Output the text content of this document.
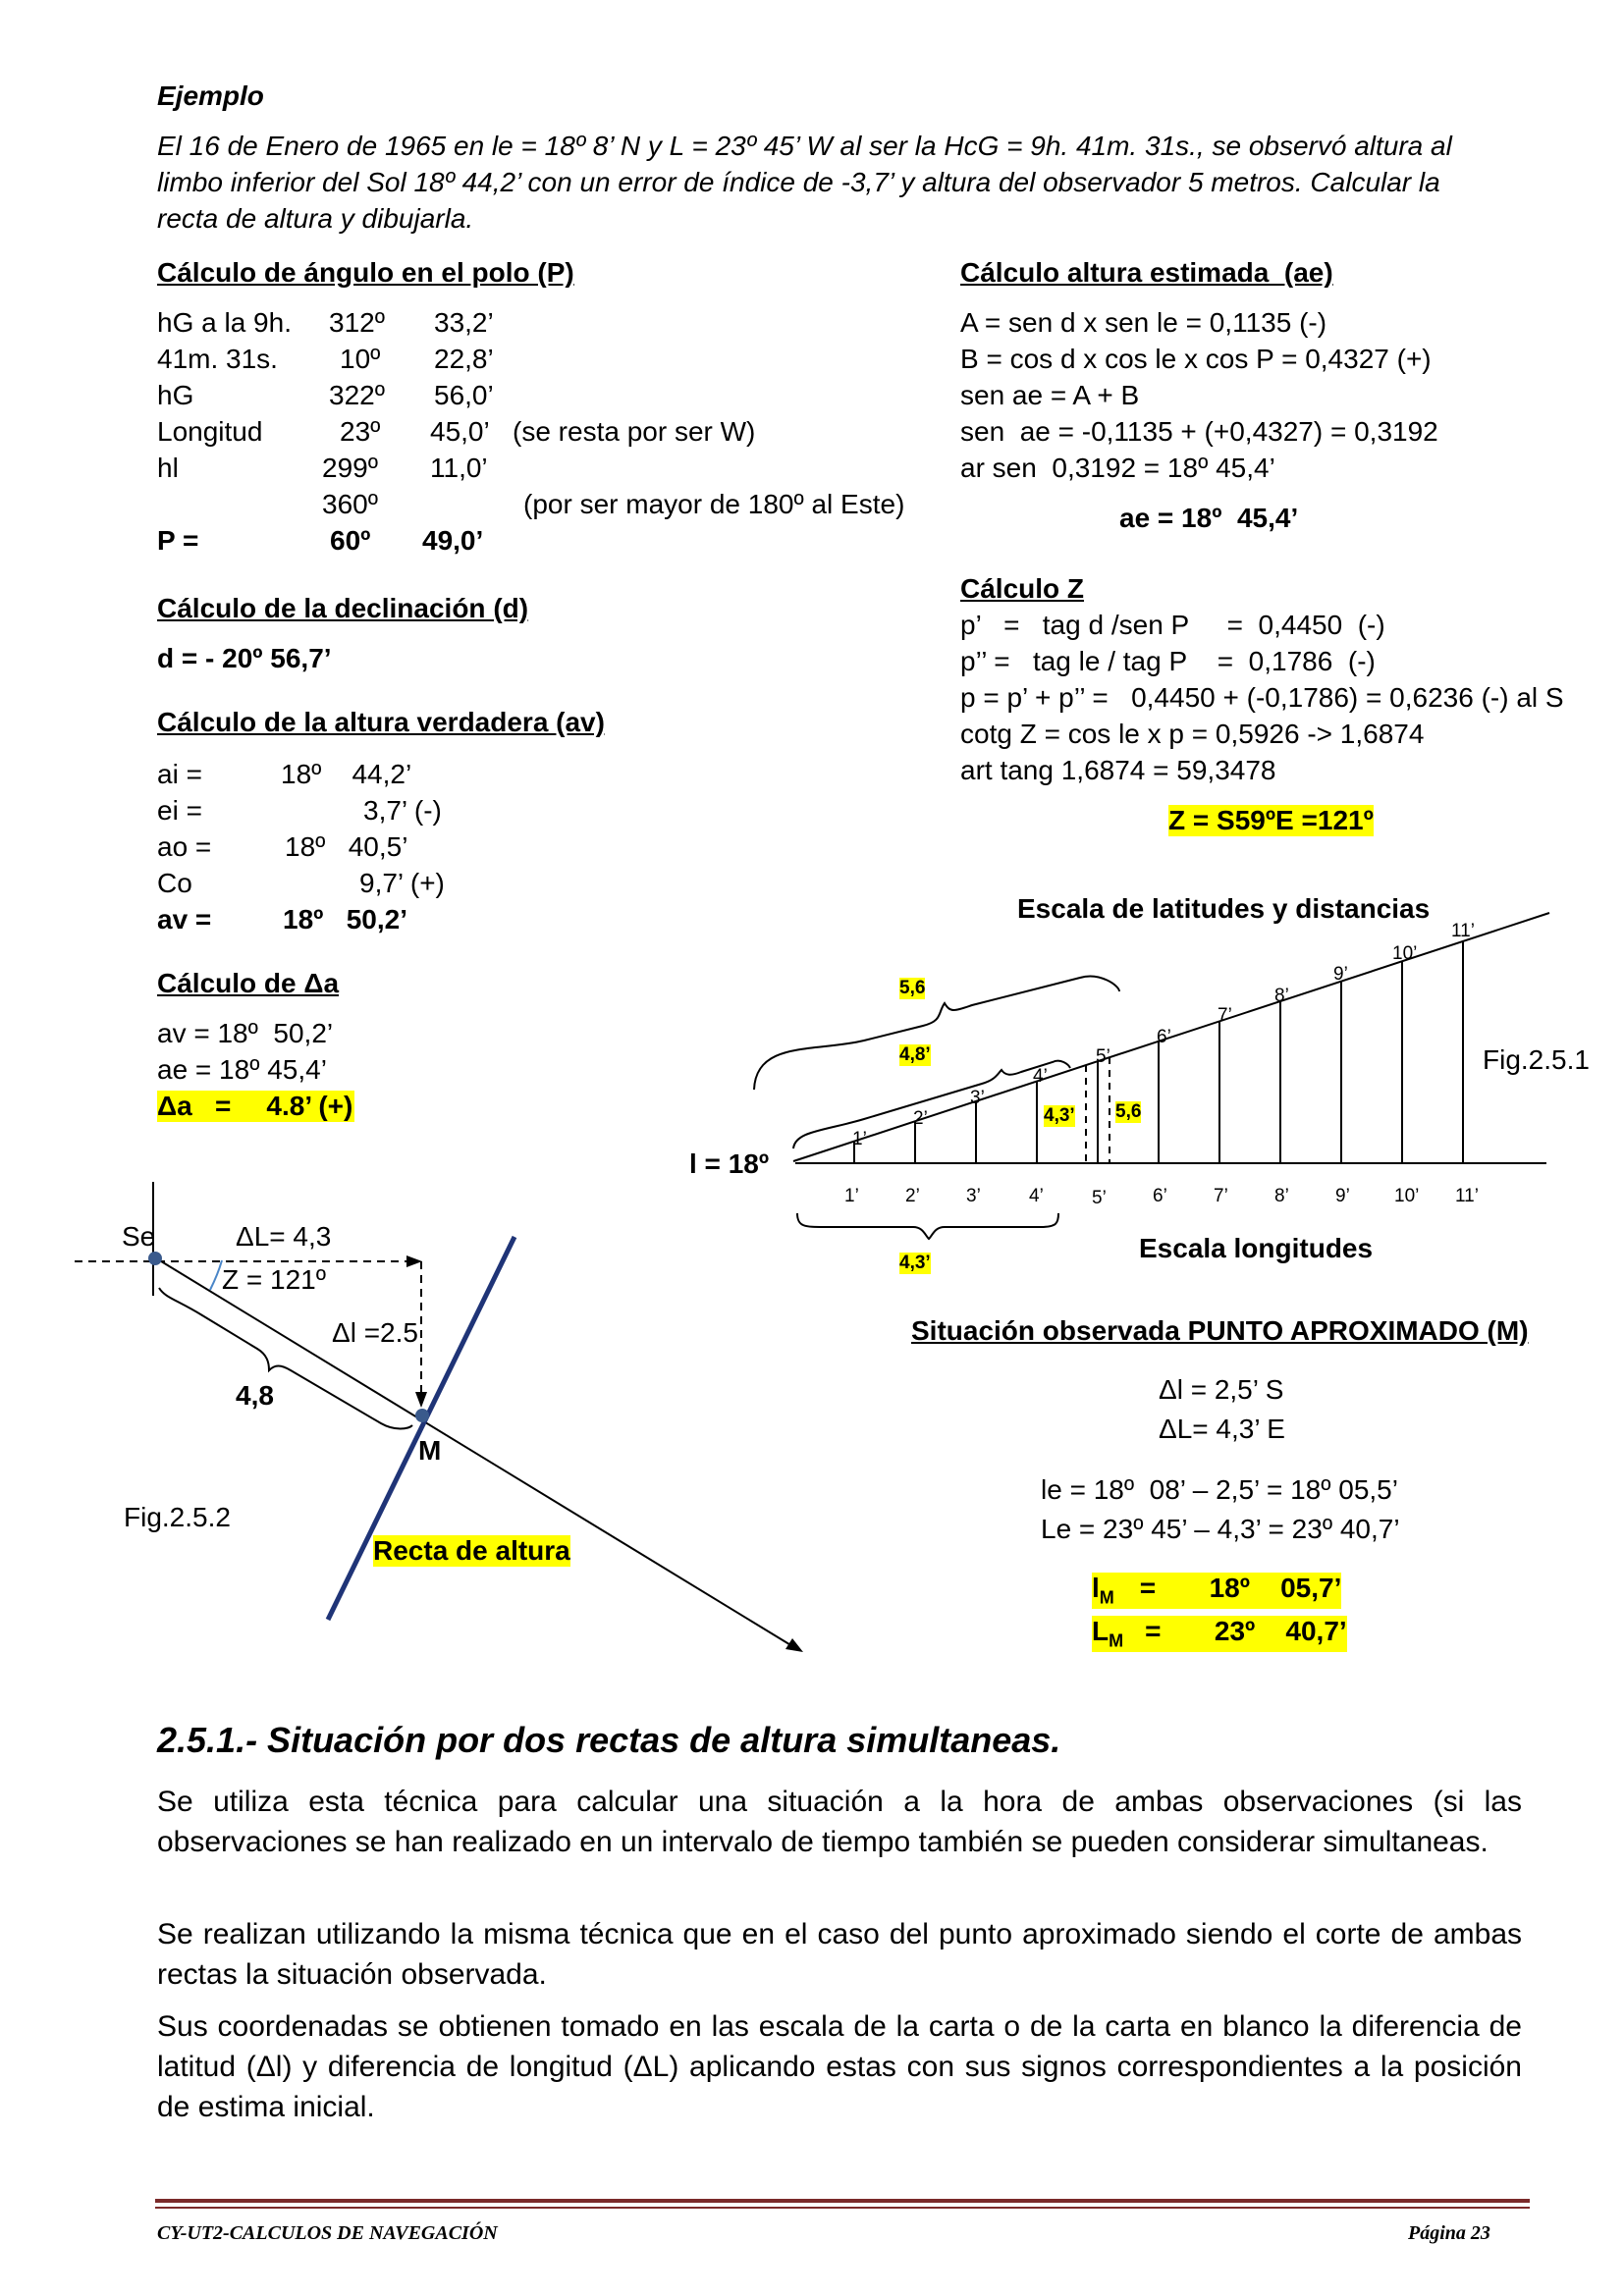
Ejemplo
El 16 de Enero de 1965 en le = 18º 8’ N y L = 23º 45’ W al ser la HcG = 9h. 41m. 31s., se observó altura al
limbo inferior del Sol 18º 44,2’ con un error de índice de -3,7’ y altura del observador 5 metros. Calcular la
recta de altura y dibujarla.
Cálculo de ángulo en el polo (P)
hG a la 9h. 312º 33,2’
41m. 31s. 10º 22,8’
hG	322º 56,0’
Longitud	23º 45,0’ (se resta por ser W)
hl	299º 11,0’
360º	(por ser mayor de 180º al Este)
P =	60º 49,0’
Cálculo de la declinación (d)
d = - 20º 56,7’
Cálculo de la altura verdadera (av)
ai =	18º    44,2’
ei =	3,7’ (-)
ao =	18º   40,5’
Co	9,7’ (+)
av =	18º   50,2’
Cálculo de Δa
av = 18º  50,2’
ae = 18º 45,4’
Δa   = 4.8’ (+)
Cálculo altura estimada  (ae)
A = sen d x sen le = 0,1135 (-)
B = cos d x cos le x cos P = 0,4327 (+)
sen ae = A + B
sen  ae = -0,1135 + (+0,4327) = 0,3192
ar sen  0,3192 = 18º 45,4’
ae = 18º  45,4’
Cálculo Z
p’   =   tag d /sen P     =  0,4450  (-)
p’’ =   tag le / tag P    =  0,1786  (-)
p = p’ + p’’ =   0,4450 + (-0,1786) = 0,6236 (-) al S
cotg Z = cos le x p = 0,5926 -> 1,6874
art tang 1,6874 = 59,3478
Z = S59ºE =121º
Escala de latitudes y distancias
1’
2’
3’
4’
5’
6’
7’
8’
9’
10’
11’
1’ 2’ 3’	4’	5’ 6’ 7’ 8’ 9’ 10’ 11’
5,6
4,8’
4,3’ 5,6
4,3’
l = 18º
Fig.2.5.1
Escala longitudes
Se	ΔL= 4,3
Z = 121º
Δl =2.5
4,8
M
Fig.2.5.2
Recta de altura
Situación observada PUNTO APROXIMADO (M)
Δl = 2,5’ S
ΔL= 4,3’ E
le = 18º  08’ – 2,5’ = 18º 05,5’
Le = 23º 45’ – 4,3’ = 23º 40,7’
$l_M$ =       18º    05,7’
$L_M$ =       23º    40,7’
2.5.1.- Situación por dos rectas de altura simultaneas.
Se utiliza esta técnica para calcular una situación a la hora de ambas observaciones (si las observaciones se han realizado en un intervalo de tiempo también se pueden considerar simultaneas.
Se realizan utilizando la misma técnica que en el caso del punto aproximado siendo el corte de ambas rectas la situación observada.
Sus coordenadas se obtienen tomado en las escala de la carta o de la carta en blanco la diferencia de latitud (Δl) y diferencia de longitud (ΔL) aplicando estas con sus signos correspondientes a la posición de estima inicial.
CY-UT2-CALCULOS DE NAVEGACIÓN	Página 23
